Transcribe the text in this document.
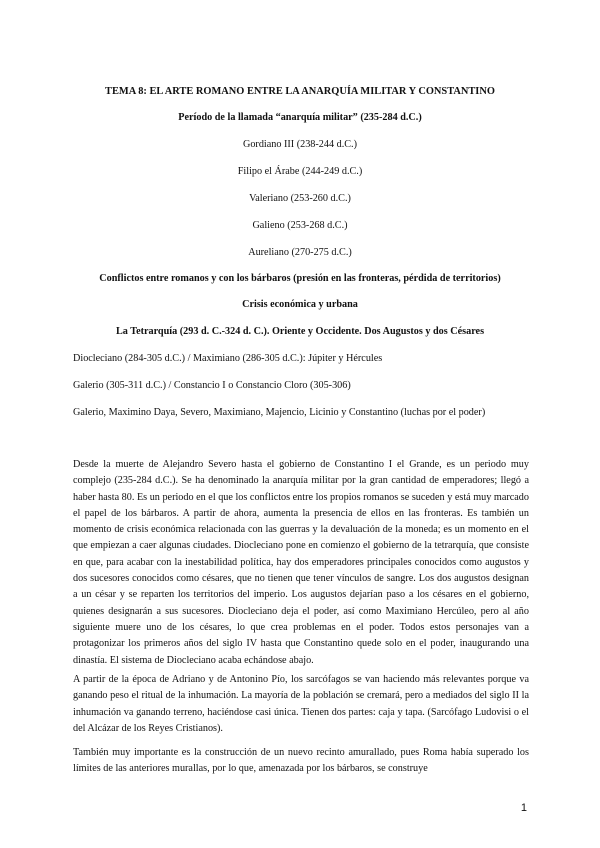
TEMA 8: EL ARTE ROMANO ENTRE LA ANARQUÍA MILITAR Y CONSTANTINO
Período de la llamada “anarquía militar” (235-284 d.C.)
Gordiano III (238-244 d.C.)
Filipo el Árabe (244-249 d.C.)
Valeriano (253-260 d.C.)
Galieno (253-268 d.C.)
Aureliano (270-275 d.C.)
Conflictos entre romanos y con los bárbaros (presión en las fronteras, pérdida de territorios)
Crisis económica y urbana
La Tetrarquía (293 d. C.-324 d. C.). Oriente y Occidente. Dos Augustos y dos Césares
Diocleciano (284-305 d.C.) / Maximiano (286-305 d.C.): Júpiter y Hércules
Galerio (305-311 d.C.) / Constancio I o Constancio Cloro (305-306)
Galerio, Maximino Daya, Severo, Maximiano, Majencio, Licinio y Constantino (luchas por el poder)

Desde la muerte de Alejandro Severo hasta el gobierno de Constantino I el Grande, es un periodo muy complejo (235-284 d.C.). Se ha denominado la anarquía militar por la gran cantidad de emperadores; llegó a haber hasta 80. Es un periodo en el que los conflictos entre los propios romanos se suceden y está muy marcado el papel de los bárbaros. A partir de ahora, aumenta la presencia de ellos en las fronteras. Es también un momento de crisis económica relacionada con las guerras y la devaluación de la moneda; es un momento en el que empiezan a caer algunas ciudades. Diocleciano pone en comienzo el gobierno de la tetrarquía, que consiste en que, para acabar con la inestabilidad política, hay dos emperadores principales conocidos como augustos y dos sucesores conocidos como césares, que no tienen que tener vínculos de sangre. Los dos augustos designan a un césar y se reparten los territorios del imperio. Los augustos dejarían paso a los césares en el gobierno, quienes designarán a sus sucesores. Diocleciano deja el poder, así como Maximiano Hercúleo, pero al año siguiente muere uno de los césares, lo que crea problemas en el poder. Todos estos personajes van a protagonizar los primeros años del siglo IV hasta que Constantino quede solo en el poder, inaugurando una dinastía. El sistema de Diocleciano acaba echándose abajo.

A partir de la época de Adriano y de Antonino Pío, los sarcófagos se van haciendo más relevantes porque va ganando peso el ritual de la inhumación. La mayoría de la población se cremará, pero a mediados del siglo II la inhumación va ganando terreno, haciéndose casi única. Tienen dos partes: caja y tapa. (Sarcófago Ludovisi o el del Alcázar de los Reyes Cristianos).

También muy importante es la construcción de un nuevo recinto amurallado, pues Roma había superado los límites de las anteriores murallas, por lo que, amenazada por los bárbaros, se construye

1
